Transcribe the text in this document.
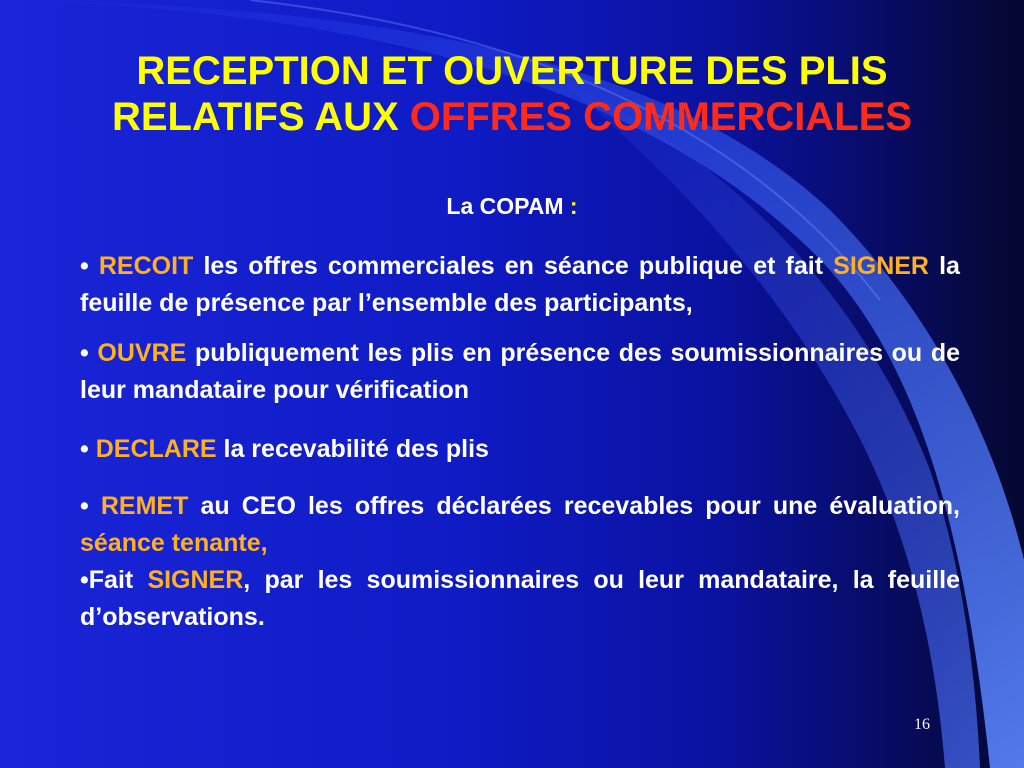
RECEPTION ET OUVERTURE DES PLIS
RELATIFS AUX OFFRES COMMERCIALES

La COPAM :

• RECOIT les offres commerciales en séance publique et fait SIGNER la feuille de présence par l’ensemble des participants,

• OUVRE publiquement les plis en présence des soumissionnaires ou de leur mandataire pour vérification

• DECLARE la recevabilité des plis

• REMET au CEO les offres déclarées recevables pour une évaluation, séance tenante,

•Fait SIGNER, par les soumissionnaires ou leur mandataire, la feuille d’observations.

16
